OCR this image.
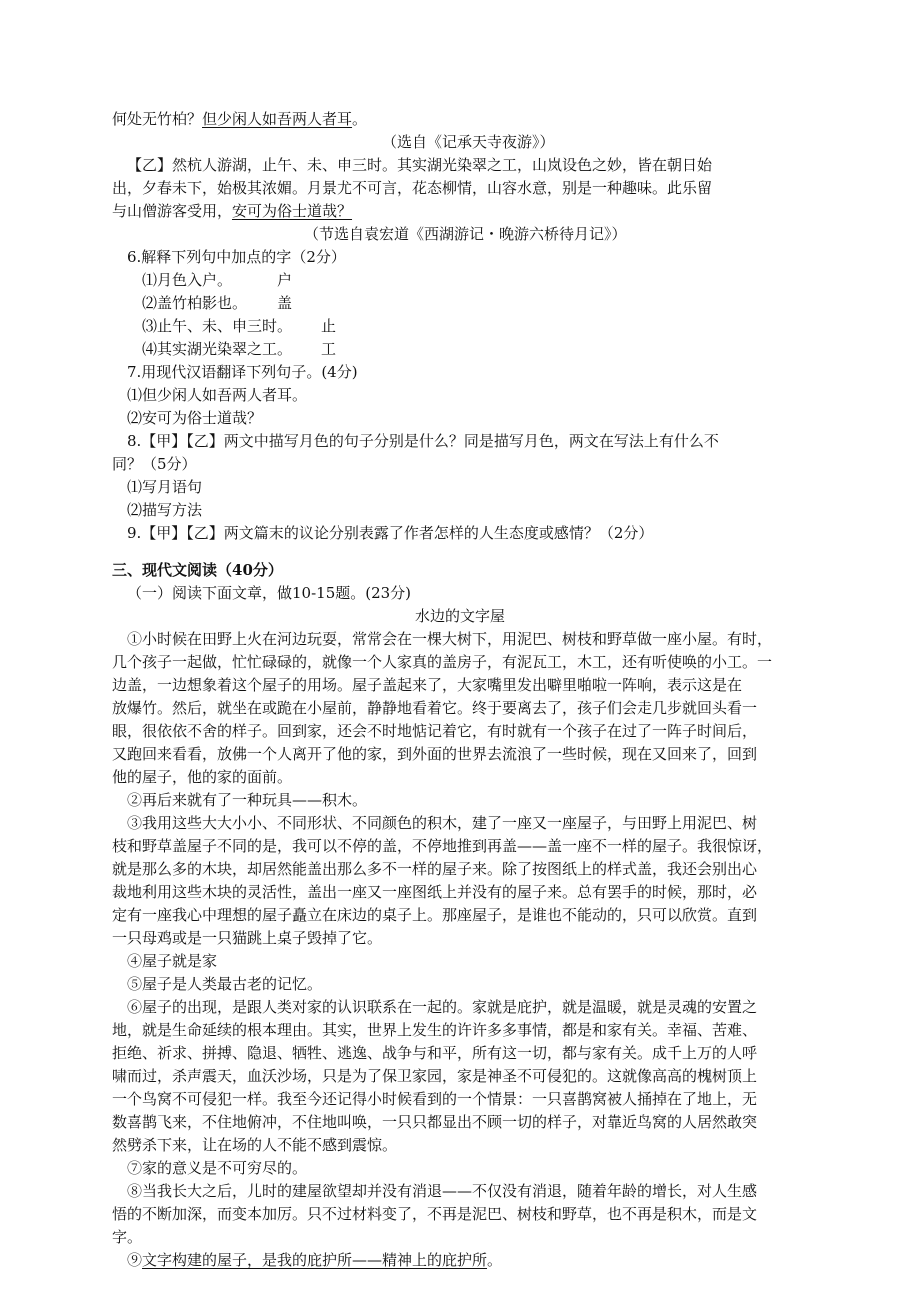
何处无竹柏？但少闲人如吾两人者耳。
（选自《记承天寺夜游》）
【乙】然杭人游湖，止午、未、申三时。其实湖光染翠之工，山岚设色之妙，皆在朝日始
出，夕春未下，始极其浓媚。月景尤不可言，花态柳情，山容水意，别是一种趣味。此乐留
与山僧游客受用，安可为俗士道哉？
（节选自袁宏道《西湖游记・晚游六桥待月记》）
6.解释下列句中加点的字（2分）
⑴月色入户。	户
⑵盖竹柏影也。 盖
⑶止午、未、申三时。 止
⑷其实湖光染翠之工。 工
7.用现代汉语翻译下列句子。(4分)
⑴但少闲人如吾两人者耳。
⑵安可为俗士道哉？
8.【甲】【乙】两文中描写月色的句子分别是什么？同是描写月色，两文在写法上有什么不
同？（5分）
⑴写月语句
⑵描写方法
9.【甲】【乙】两文篇末的议论分别表露了作者怎样的人生态度或感情？（2分）
三、现代文阅读（40分）
（一）阅读下面文章，做10-15题。(23分)
水边的文字屋
①小时候在田野上火在河边玩耍，常常会在一棵大树下，用泥巴、树枝和野草做一座小屋。有时，
几个孩子一起做，忙忙碌碌的，就像一个人家真的盖房子，有泥瓦工，木工，还有听使唤的小工。一
边盖，一边想象着这个屋子的用场。屋子盖起来了，大家嘴里发出噼里啪啦一阵响，表示这是在
放爆竹。然后，就坐在或跪在小屋前，静静地看着它。终于要离去了，孩子们会走几步就回头看一
眼，很依依不舍的样子。回到家，还会不时地惦记着它，有时就有一个孩子在过了一阵子时间后，
又跑回来看看，放佛一个人离开了他的家，到外面的世界去流浪了一些时候，现在又回来了，回到
他的屋子，他的家的面前。
②再后来就有了一种玩具——积木。
③我用这些大大小小、不同形状、不同颜色的积木，建了一座又一座屋子，与田野上用泥巴、树
枝和野草盖屋子不同的是，我可以不停的盖，不停地推到再盖——盖一座不一样的屋子。我很惊讶，
就是那么多的木块，却居然能盖出那么多不一样的屋子来。除了按图纸上的样式盖，我还会别出心
裁地利用这些木块的灵活性，盖出一座又一座图纸上并没有的屋子来。总有罢手的时候，那时，必
定有一座我心中理想的屋子矗立在床边的桌子上。那座屋子，是谁也不能动的，只可以欣赏。直到
一只母鸡或是一只猫跳上桌子毁掉了它。
④屋子就是家
⑤屋子是人类最古老的记忆。
⑥屋子的出现，是跟人类对家的认识联系在一起的。家就是庇护，就是温暖，就是灵魂的安置之
地，就是生命延续的根本理由。其实，世界上发生的许许多多事情，都是和家有关。幸福、苦难、
拒绝、祈求、拼搏、隐退、牺牲、逃逸、战争与和平，所有这一切，都与家有关。成千上万的人呼
啸而过，杀声震天，血沃沙场，只是为了保卫家园，家是神圣不可侵犯的。这就像高高的槐树顶上
一个鸟窝不可侵犯一样。我至今还记得小时候看到的一个情景：一只喜鹊窝被人捅掉在了地上，无
数喜鹊飞来，不住地俯冲，不住地叫唤，一只只都显出不顾一切的样子，对靠近鸟窝的人居然敢突
然劈杀下来，让在场的人不能不感到震惊。
⑦家的意义是不可穷尽的。
⑧当我长大之后，儿时的建屋欲望却并没有消退——不仅没有消退，随着年龄的增长，对人生感
悟的不断加深，而变本加厉。只不过材料变了，不再是泥巴、树枝和野草，也不再是积木，而是文
字。
⑨文字构建的屋子，是我的庇护所——精神上的庇护所。
